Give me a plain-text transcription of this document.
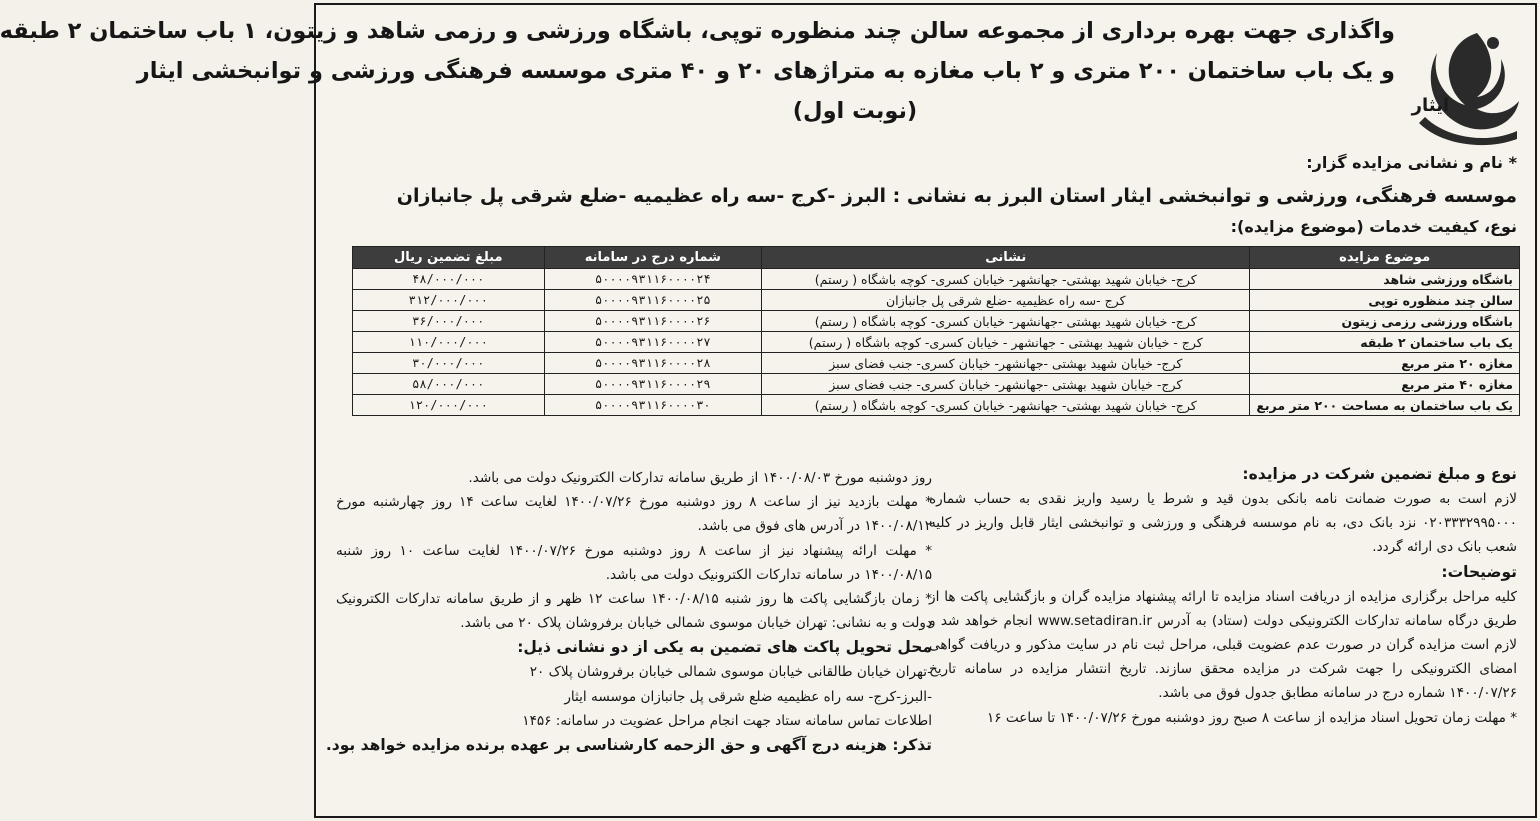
ایثار
واگذاری جهت بهره برداری از مجموعه سالن چند منظوره توپی، باشگاه ورزشی و رزمی شاهد و زیتون، ۱ باب ساختمان ۲ طبقه
و یک باب ساختمان ۲۰۰ متری و ۲ باب مغازه به متراژهای ۲۰ و ۴۰ متری موسسه فرهنگی ورزشی و توانبخشی ایثار
(نوبت اول)
* نام و نشانی مزایده گزار:
موسسه فرهنگی، ورزشی و توانبخشی ایثار استان البرز به نشانی : البرز -کرج -سه راه عظیمیه -ضلع شرقی پل جانبازان
نوع، کیفیت خدمات (موضوع مزایده):
موضوع مزایده	نشانی	شماره درج در سامانه	مبلغ تضمین ریال
باشگاه ورزشی شاهد	کرج- خیابان شهید بهشتی- جهانشهر- خیابان کسری- کوچه باشگاه ( رستم)	۵۰۰۰۰۹۳۱۱۶۰۰۰۰۲۴	۴۸/۰۰۰/۰۰۰
سالن چند منظوره توپی	کرج -سه راه عظیمیه -ضلع شرقی پل جانبازان	۵۰۰۰۰۹۳۱۱۶۰۰۰۰۲۵	۳۱۲/۰۰۰/۰۰۰
باشگاه ورزشی رزمی زیتون	کرج- خیابان شهید بهشتی -جهانشهر- خیابان کسری- کوچه باشگاه ( رستم)	۵۰۰۰۰۹۳۱۱۶۰۰۰۰۲۶	۳۶/۰۰۰/۰۰۰
یک باب ساختمان ۲ طبقه	کرج - خیابان شهید بهشتی - جهانشهر - خیابان کسری- کوچه باشگاه ( رستم)	۵۰۰۰۰۹۳۱۱۶۰۰۰۰۲۷	۱۱۰/۰۰۰/۰۰۰
مغازه ۲۰ متر مربع	کرج- خیابان شهید بهشتی -جهانشهر- خیابان کسری- جنب فضای سبز	۵۰۰۰۰۹۳۱۱۶۰۰۰۰۲۸	۳۰/۰۰۰/۰۰۰
مغازه ۴۰ متر مربع	کرج- خیابان شهید بهشتی -جهانشهر- خیابان کسری- جنب فضای سبز	۵۰۰۰۰۹۳۱۱۶۰۰۰۰۲۹	۵۸/۰۰۰/۰۰۰
یک باب ساختمان به مساحت ۲۰۰ متر مربع	کرج- خیابان شهید بهشتی- جهانشهر- خیابان کسری- کوچه باشگاه ( رستم)	۵۰۰۰۰۹۳۱۱۶۰۰۰۰۳۰	۱۲۰/۰۰۰/۰۰۰
نوع و مبلغ تضمین شرکت در مزایده:
لازم است به صورت ضمانت نامه بانکی بدون قید و شرط یا رسید واریز نقدی به حساب شماره ۰۲۰۳۳۳۲۹۹۵۰۰۰ نزد بانک دی، به نام موسسه فرهنگی و ورزشی و توانبخشی ایثار قابل واریز در کلیه شعب بانک دی ارائه گردد.
توضیحات:
کلیه مراحل برگزاری مزایده از دریافت اسناد مزایده تا ارائه پیشنهاد مزایده گران و بازگشایی پاکت ها از طریق درگاه سامانه تدارکات الکترونیکی دولت (ستاد) به آدرس www.setadiran.ir انجام خواهد شد و لازم است مزایده گران در صورت عدم عضویت قبلی، مراحل ثبت نام در سایت مذکور و دریافت گواهی امضای الکترونیکی را جهت شرکت در مزایده محقق سازند. تاریخ انتشار مزایده در سامانه تاریخ ۱۴۰۰/۰۷/۲۶ شماره درج در سامانه مطابق جدول فوق می باشد.
* مهلت زمان تحویل اسناد مزایده از ساعت ۸ صبح روز دوشنبه مورخ ۱۴۰۰/۰۷/۲۶ تا ساعت ۱۶
روز دوشنبه مورخ ۱۴۰۰/۰۸/۰۳ از طریق سامانه تدارکات الکترونیک دولت می باشد.
* مهلت بازدید نیز از ساعت ۸ روز دوشنبه مورخ ۱۴۰۰/۰۷/۲۶ لغایت ساعت ۱۴ روز چهارشنبه مورخ ۱۴۰۰/۰۸/۱۲ در آدرس های فوق می باشد.
* مهلت ارائه پیشنهاد نیز از ساعت ۸ روز دوشنبه مورخ ۱۴۰۰/۰۷/۲۶ لغایت ساعت ۱۰ روز شنبه ۱۴۰۰/۰۸/۱۵ در سامانه تدارکات الکترونیک دولت می باشد.
* زمان بازگشایی پاکت ها روز شنبه ۱۴۰۰/۰۸/۱۵ ساعت ۱۲ ظهر و از طریق سامانه تدارکات الکترونیک دولت و به نشانی: تهران خیابان موسوی شمالی خیابان برفروشان پلاک ۲۰ می باشد.
محل تحویل پاکت های تضمین به یکی از دو نشانی ذیل:
-تهران خیابان طالقانی خیابان موسوی شمالی خیابان برفروشان پلاک ۲۰
-البرز-کرج- سه راه عظیمیه ضلع شرقی پل جانبازان موسسه ایثار
اطلاعات تماس سامانه ستاد جهت انجام مراحل عضویت در سامانه: ۱۴۵۶
تذکر: هزینه درج آگهی و حق الزحمه کارشناسی بر عهده برنده مزایده خواهد بود.
